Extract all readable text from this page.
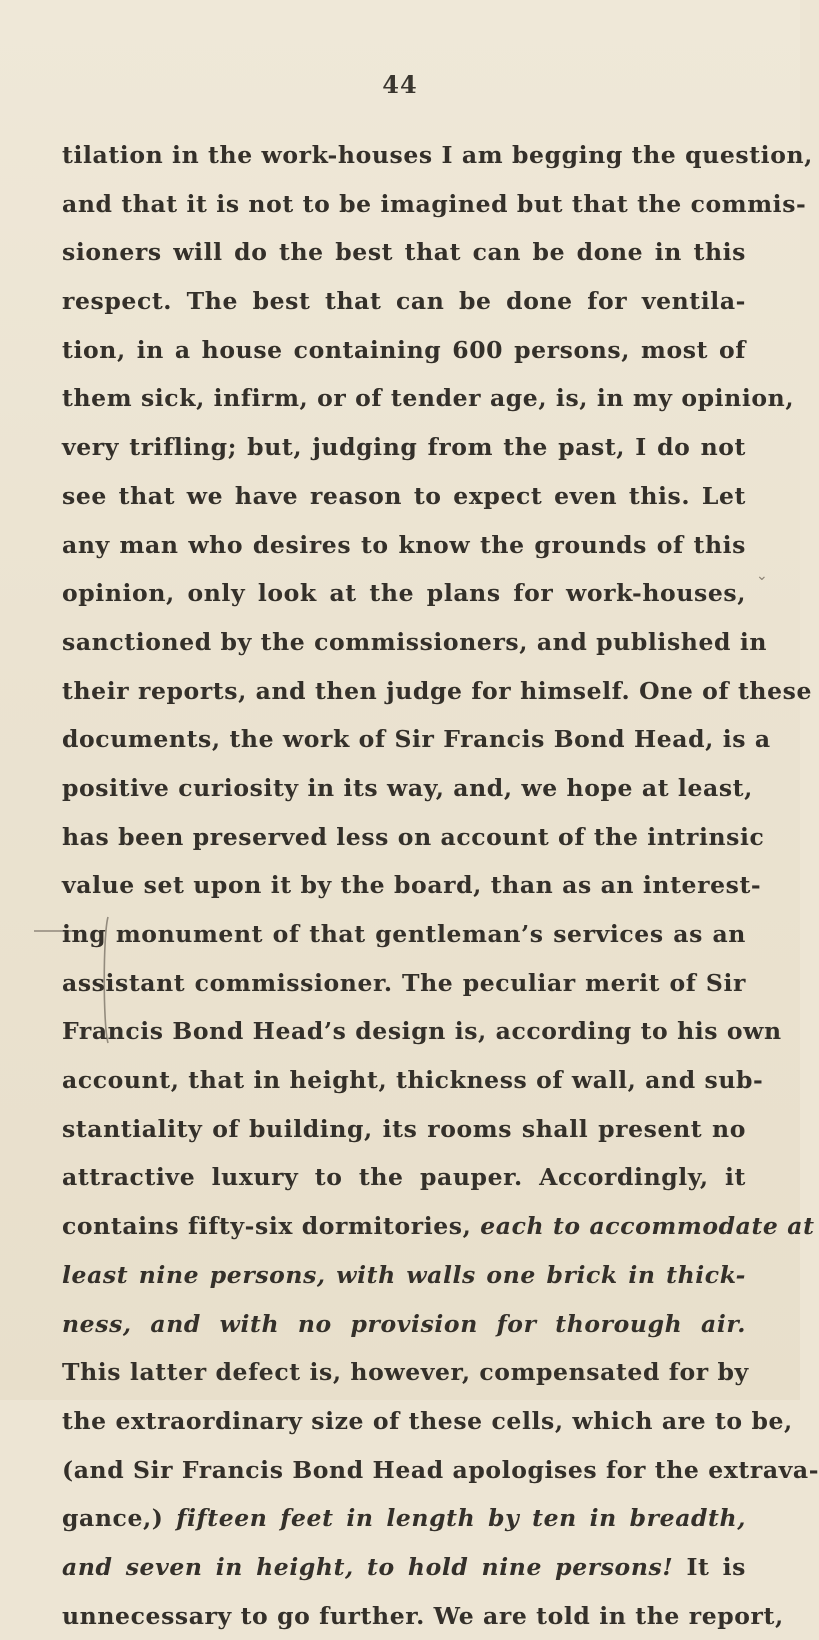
44
⌄
tilation in the work-houses I am begging the question,
and that it is not to be imagined but that the commis-
sioners will do the best that can be done in this
respect. The best that can be done for ventila-
tion, in a house containing 600 persons, most of
them sick, infirm, or of tender age, is, in my opinion,
very trifling; but, judging from the past, I do not
see that we have reason to expect even this. Let
any man who desires to know the grounds of this
opinion, only look at the plans for work-houses,
sanctioned by the commissioners, and published in
their reports, and then judge for himself. One of these
documents, the work of Sir Francis Bond Head, is a
positive curiosity in its way, and, we hope at least,
has been preserved less on account of the intrinsic
value set upon it by the board, than as an interest-
ing monument of that gentleman’s services as an
assistant commissioner. The peculiar merit of Sir
Francis Bond Head’s design is, according to his own
account, that in height, thickness of wall, and sub-
stantiality of building, its rooms shall present no
attractive luxury to the pauper. Accordingly, it
contains fifty-six dormitories, each to accommodate at
least nine persons, with walls one brick in thick-
ness, and with no provision for thorough air.
This latter defect is, however, compensated for by
the extraordinary size of these cells, which are to be,
(and Sir Francis Bond Head apologises for the extrava-
gance,) fifteen feet in length by ten in breadth,
and seven in height, to hold nine persons! It is
unnecessary to go further. We are told in the report,
